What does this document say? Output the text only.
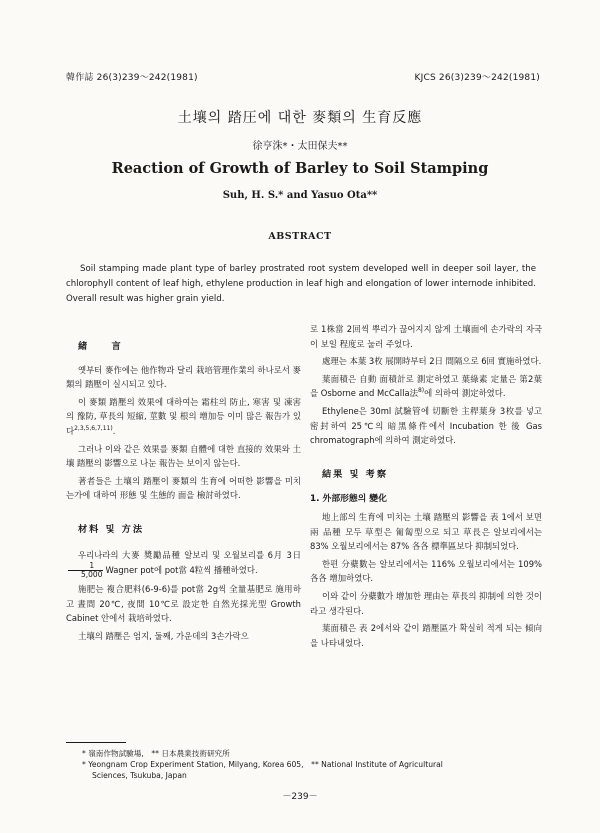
韓作誌 26(3)239～242(1981)	KJCS 26(3)239～242(1981)
土壤의 踏圧에 대한 麥類의 生育反應
徐亨洙*・太田保夫**
Reaction of Growth of Barley to Soil Stamping
Suh, H. S.* and Yasuo Ota**
ABSTRACT
Soil stamping made plant type of barley prostrated root system developed well in deeper soil layer, the chlorophyll content of leaf high, ethylene production in leaf high and elongation of lower internode inhibited. Overall result was higher grain yield.

緒　　言

옛부터 麥作에는 他作物과 달리 栽培管理作業의 하나로서 麥類의 踏壓이 실시되고 있다.

이 麥類 踏壓의 效果에 대하여는 霜柱의 防止, 寒害 및 凍害의 豫防, 草長의 短縮, 莖數 및 根의 增加등 이미 많은 報告가 있다$^{2,3,5,6,7,11)}$.

그러나 이와 같은 效果를 麥類 自體에 대한 直接的 效果와 土壤 踏壓의 影響으로 나눈 報告는 보이지 않는다.

著者들은 土壤의 踏壓이 麥類의 生育에 어떠한 影響을 미치는가에 대하여 形態 및 生態的 面을 檢討하였다.

材料 및 方法

우리나라의 大麥 奬勵品種 알보리 및 오월보리를 6月 3日
$\frac{1}{5,000}$ Wagner pot에 pot當 4粒씩 播種하였다.

施肥는 複合肥料(6-9-6)를 pot當 2g씩 全量基肥로 施用하고 晝間 20℃, 夜間 10℃로 設定한 自然光採光型 Growth Cabinet 안에서 栽培하였다.

土壤의 踏壓은 엄지, 둘째, 가운데의 3손가락으

로 1株當 2回씩 뿌리가 끊어지지 않게 土壤面에 손가락의 자국이 보일 程度로 눌러 주었다.

處理는 本葉 3枚 展開時부터 2日 間隔으로 6回 實施하였다.

葉面積은 自動 面積計로 測定하였고 葉綠素 定量은 第2葉을 Osborne and McCalla法$^{8)}$에 의하여 測定하였다.

Ethylene은 30ml 試驗管에 切斷한 主稈葉身 3枚를 넣고 密封하여 25℃의 暗黑條件에서 Incubation 한 後 Gas chromatograph에 의하여 測定하였다.

結果 및 考察

1. 外部形態의 變化

地上部의 生育에 미치는 土壤 踏壓의 影響을 表 1에서 보면 兩 品種 모두 草型은 匍匐型으로 되고 草長은 알보리에서는 83% 오월보리에서는 87% 各各 標準區보다 抑制되었다.

한편 分蘗數는 알보리에서는 116% 오월보리에서는 109% 各各 增加하였다.

이와 같이 分蘗數가 增加한 理由는 草長의 抑制에 의한 것이라고 생각된다.

葉面積은 表 2에서와 같이 踏壓區가 확실히 적게 되는 傾向을 나타내었다.

* 嶺南作物試驗場,　** 日本農業技術研究所
* Yeongnam Crop Experiment Station, Milyang, Korea 605,　** National Institute of Agricultural
Sciences, Tsukuba, Japan
－239－
